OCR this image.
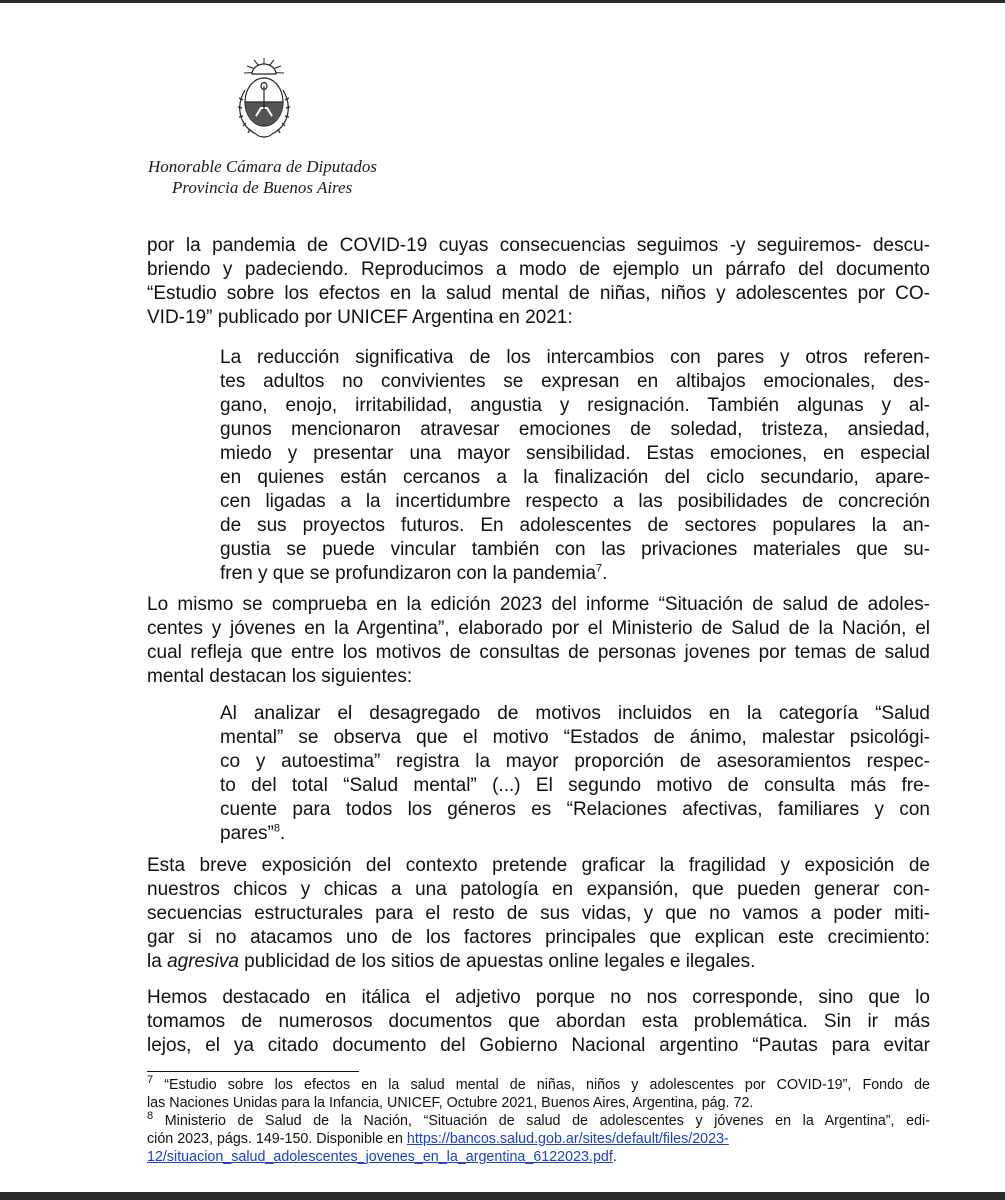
Honorable Cámara de Diputados
Provincia de Buenos Aires
por la pandemia de COVID-19 cuyas consecuencias seguimos -y seguiremos- descu-
briendo y padeciendo. Reproducimos a modo de ejemplo un párrafo del documento
“Estudio sobre los efectos en la salud mental de niñas, niños y adolescentes por CO-
VID-19” publicado por UNICEF Argentina en 2021:
La reducción significativa de los intercambios con pares y otros referen-
tes adultos no convivientes se expresan en altibajos emocionales, des-
gano, enojo, irritabilidad, angustia y resignación. También algunas y al-
gunos mencionaron atravesar emociones de soledad, tristeza, ansiedad,
miedo y presentar una mayor sensibilidad. Estas emociones, en especial
en quienes están cercanos a la finalización del ciclo secundario, apare-
cen ligadas a la incertidumbre respecto a las posibilidades de concreción
de sus proyectos futuros. En adolescentes de sectores populares la an-
gustia se puede vincular también con las privaciones materiales que su-
fren y que se profundizaron con la pandemia$^7$.
Lo mismo se comprueba en la edición 2023 del informe “Situación de salud de adoles-
centes y jóvenes en la Argentina”, elaborado por el Ministerio de Salud de la Nación, el
cual refleja que entre los motivos de consultas de personas jovenes por temas de salud
mental destacan los siguientes:
Al analizar el desagregado de motivos incluidos en la categoría “Salud
mental” se observa que el motivo “Estados de ánimo, malestar psicológi-
co y autoestima” registra la mayor proporción de asesoramientos respec-
to del total “Salud mental” (...) El segundo motivo de consulta más fre-
cuente para todos los géneros es “Relaciones afectivas, familiares y con
pares”$^8$.
Esta breve exposición del contexto pretende graficar la fragilidad y exposición de
nuestros chicos y chicas a una patología en expansión, que pueden generar con-
secuencias estructurales para el resto de sus vidas, y que no vamos a poder miti-
gar si no atacamos uno de los factores principales que explican este crecimiento:
la agresiva publicidad de los sitios de apuestas online legales e ilegales.
Hemos destacado en itálica el adjetivo porque no nos corresponde, sino que lo
tomamos de numerosos documentos que abordan esta problemática. Sin ir más
lejos, el ya citado documento del Gobierno Nacional argentino “Pautas para evitar
$^7$ “Estudio sobre los efectos en la salud mental de niñas, niños y adolescentes por COVID-19”, Fondo de
las Naciones Unidas para la Infancia, UNICEF, Octubre 2021, Buenos Aires, Argentina, pág. 72.
$^8$ Ministerio de Salud de la Nación, “Situación de salud de adolescentes y jóvenes en la Argentina”, edi-
ción 2023, págs. 149-150. Disponible en https://bancos.salud.gob.ar/sites/default/files/2023-
12/situacion_salud_adolescentes_jovenes_en_la_argentina_6122023.pdf.
